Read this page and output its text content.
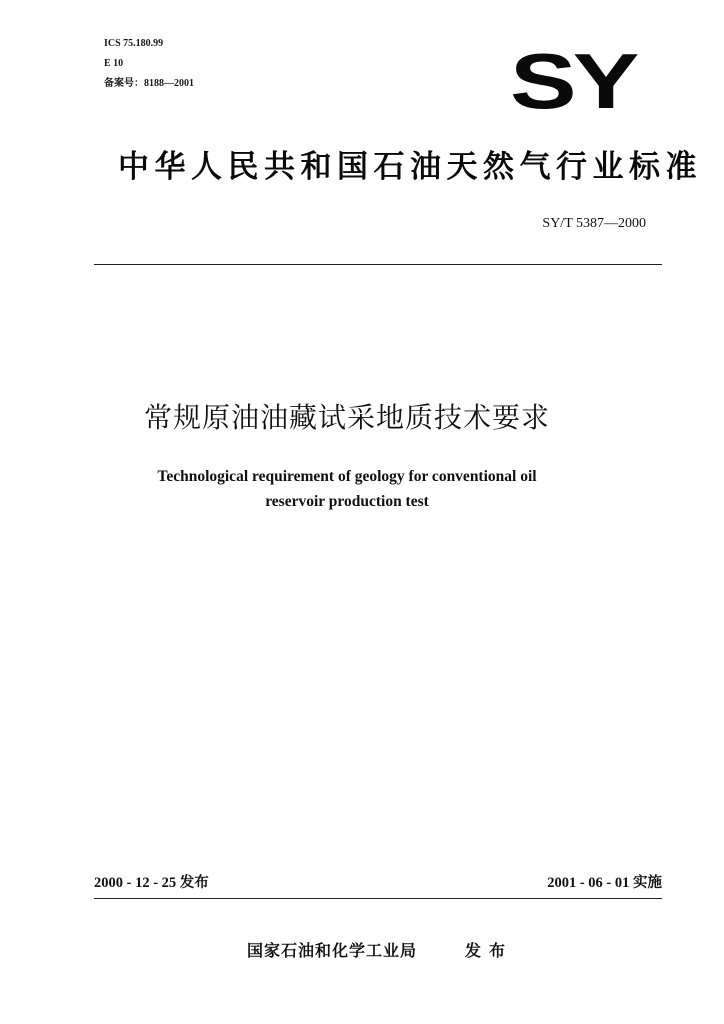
ICS 75.180.99
E 10
备案号：8188—2001	SY
中华人民共和国石油天然气行业标准
SY/T 5387—2000
常规原油油藏试采地质技术要求
Technological requirement of geology for conventional oil
reservoir production test
2000 - 12 - 25 发布	2001 - 06 - 01 实施
国家石油和化学工业局	发布
